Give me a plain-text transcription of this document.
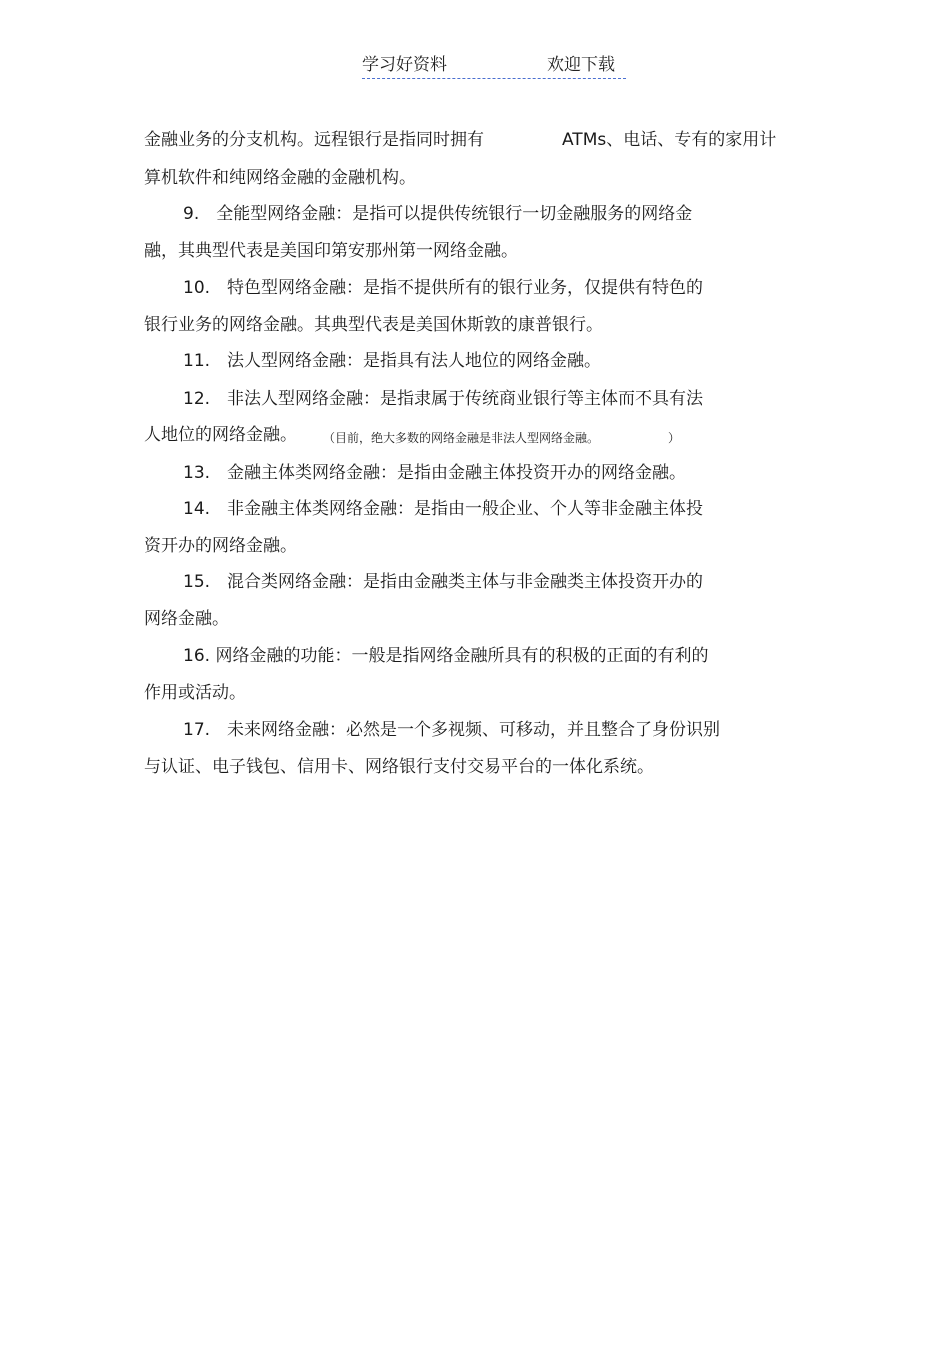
学习好资料	欢迎下载
金融业务的分支机构。远程银行是指同时拥有	ATMs、电话、专有的家用计
算机软件和纯网络金融的金融机构。
9.　全能型网络金融：是指可以提供传统银行一切金融服务的网络金
融，其典型代表是美国印第安那州第一网络金融。
10.　特色型网络金融：是指不提供所有的银行业务，仅提供有特色的
银行业务的网络金融。其典型代表是美国休斯敦的康普银行。
11.　法人型网络金融：是指具有法人地位的网络金融。
12.　非法人型网络金融：是指隶属于传统商业银行等主体而不具有法
人地位的网络金融。 （目前，绝大多数的网络金融是非法人型网络金融。	）
13.　金融主体类网络金融：是指由金融主体投资开办的网络金融。
14.　非金融主体类网络金融：是指由一般企业、个人等非金融主体投
资开办的网络金融。
15.　混合类网络金融：是指由金融类主体与非金融类主体投资开办的
网络金融。
16. 网络金融的功能：一般是指网络金融所具有的积极的正面的有利的
作用或活动。
17.　未来网络金融：必然是一个多视频、可移动，并且整合了身份识别
与认证、电子钱包、信用卡、网络银行支付交易平台的一体化系统。
